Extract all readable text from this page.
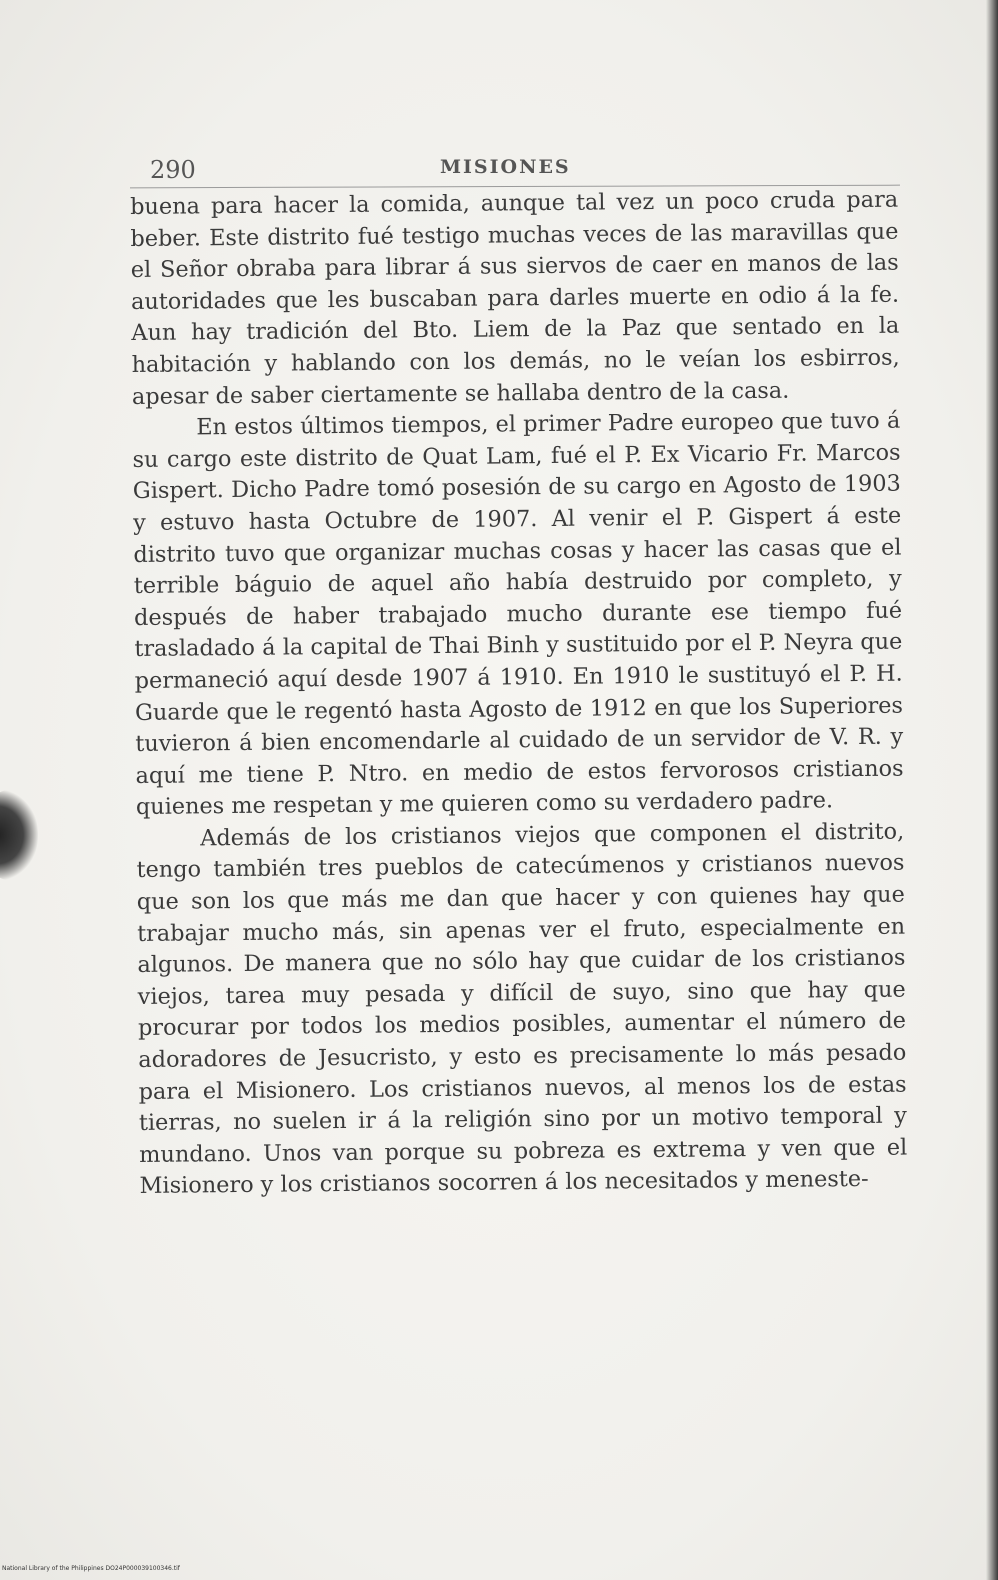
290	MISIONES

buena para hacer la comida, aunque tal vez un poco cruda para beber. Este distrito fué testigo muchas veces de las maravillas que el Señor obraba para librar á sus siervos de caer en manos de las autoridades que les buscaban para darles muerte en odio á la fe. Aun hay tradición del Bto. Liem de la Paz que sentado en la habitación y hablando con los demás, no le veían los esbirros, apesar de saber ciertamente se hallaba dentro de la casa.

En estos últimos tiempos, el primer Padre europeo que tuvo á su cargo este distrito de Quat Lam, fué el P. Ex Vicario Fr. Marcos Gispert. Dicho Padre tomó posesión de su cargo en Agosto de 1903 y estuvo hasta Octubre de 1907. Al venir el P. Gispert á este distrito tuvo que organizar muchas cosas y hacer las casas que el terrible báguio de aquel año había destruido por completo, y después de haber trabajado mucho durante ese tiempo fué trasladado á la capital de Thai Binh y sustituido por el P. Neyra que permaneció aquí desde 1907 á 1910. En 1910 le sustituyó el P. H. Guarde que le regentó hasta Agosto de 1912 en que los Superiores tuvieron á bien encomendarle al cuidado de un servidor de V. R. y aquí me tiene P. Ntro. en medio de estos fervorosos cristianos quienes me respetan y me quieren como su verdadero padre.

Además de los cristianos viejos que componen el distrito, tengo también tres pueblos de catecúmenos y cristianos nuevos que son los que más me dan que hacer y con quienes hay que trabajar mucho más, sin apenas ver el fruto, especialmente en algunos. De manera que no sólo hay que cuidar de los cristianos viejos, tarea muy pesada y difícil de suyo, sino que hay que procurar por todos los medios posibles, aumentar el número de adoradores de Jesucristo, y esto es precisamente lo más pesado para el Misionero. Los cristianos nuevos, al menos los de estas tierras, no suelen ir á la religión sino por un motivo temporal y mundano. Unos van porque su pobreza es extrema y ven que el Misionero y los cristianos socorren á los necesitados y meneste-

National Library of the Philippines DO24P000039100346.tif
